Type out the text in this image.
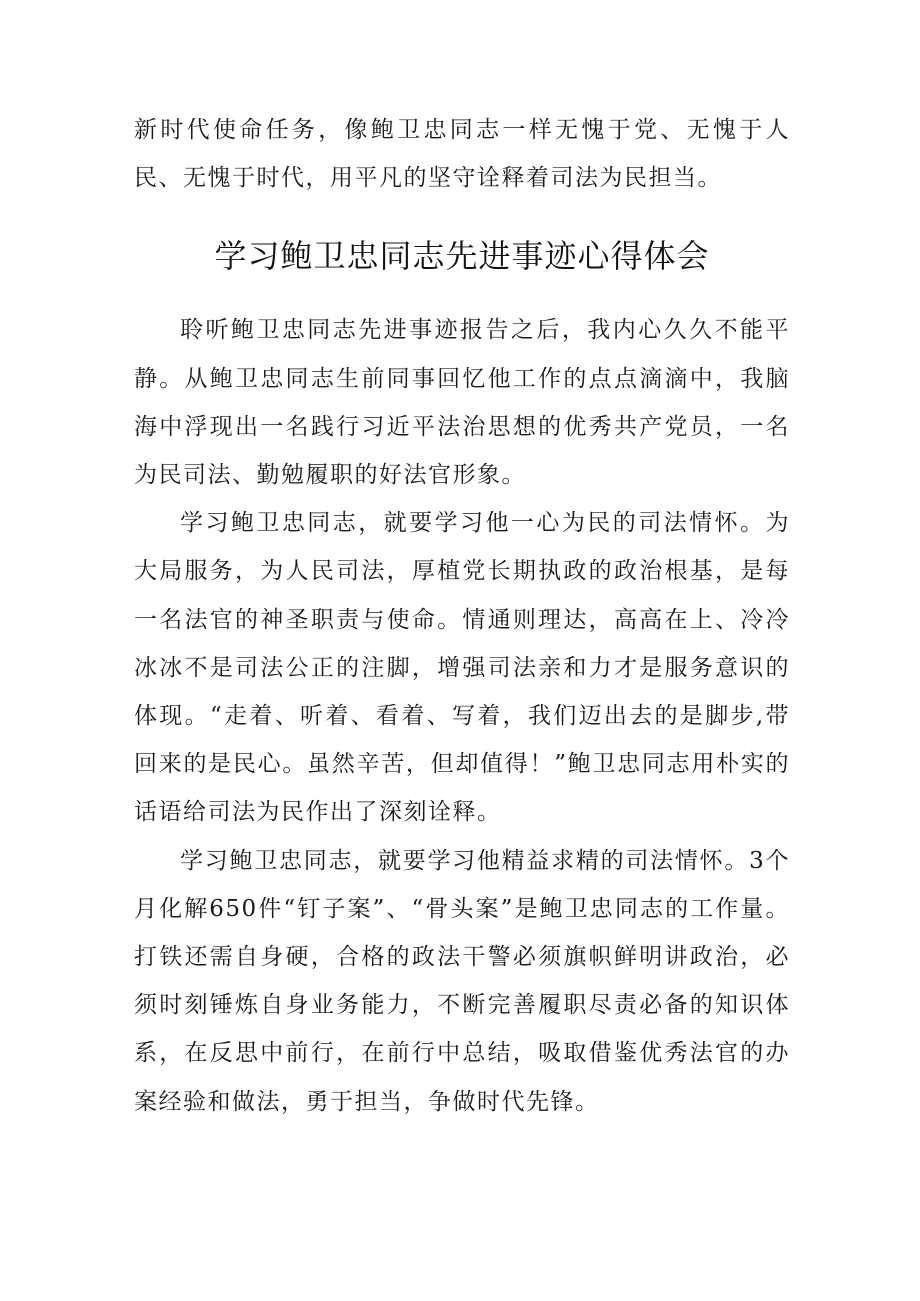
新时代使命任务，像鲍卫忠同志一样无愧于党、无愧于人民、无愧于时代，用平凡的坚守诠释着司法为民担当。

学习鲍卫忠同志先进事迹心得体会

聆听鲍卫忠同志先进事迹报告之后，我内心久久不能平静。从鲍卫忠同志生前同事回忆他工作的点点滴滴中，我脑海中浮现出一名践行习近平法治思想的优秀共产党员，一名为民司法、勤勉履职的好法官形象。

学习鲍卫忠同志，就要学习他一心为民的司法情怀。为大局服务，为人民司法，厚植党长期执政的政治根基，是每一名法官的神圣职责与使命。情通则理达，高高在上、冷冷冰冰不是司法公正的注脚，增强司法亲和力才是服务意识的体现。“走着、听着、看着、写着，我们迈出去的是脚步,带回来的是民心。虽然辛苦，但却值得！”鲍卫忠同志用朴实的话语给司法为民作出了深刻诠释。

学习鲍卫忠同志，就要学习他精益求精的司法情怀。3个月化解650件“钉子案”、“骨头案”是鲍卫忠同志的工作量。打铁还需自身硬，合格的政法干警必须旗帜鲜明讲政治，必须时刻锤炼自身业务能力，不断完善履职尽责必备的知识体系，在反思中前行，在前行中总结，吸取借鉴优秀法官的办案经验和做法，勇于担当，争做时代先锋。
